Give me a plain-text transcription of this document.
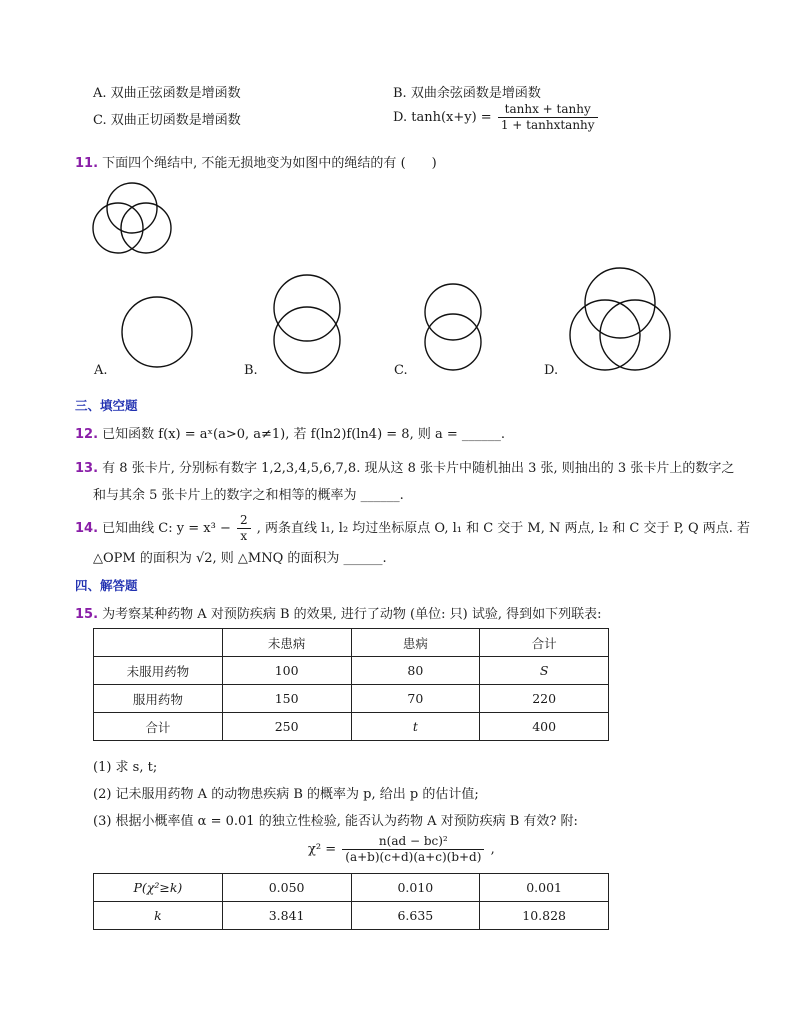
A. 双曲正弦函数是增函数	B. 双曲余弦函数是增函数
C. 双曲正切函数是增函数	D. $\tanh(x+y) = \frac{\tanh x + \tanh y}{\text{1 + tanhxtanhy}}$
11. 下面四个绳结中, 不能无损地变为如图中的绳结的有 (　　)
A.	B.	C.	D.
三、填空题
12. 已知函数 f(x) = aˣ(a>0, a≠1), 若 f(ln2)f(ln4) = 8, 则 a = ______.
13. 有 8 张卡片, 分别标有数字 1,2,3,4,5,6,7,8. 现从这 8 张卡片中随机抽出 3 张, 则抽出的 3 张卡片上的数字之
和与其余 5 张卡片上的数字之和相等的概率为 ______.
14. 已知曲线 C: $y = x^3 - \frac{2}{x}$ , 两条直线 l₁, l₂ 均过坐标原点 O, l₁ 和 C 交于 M, N 两点, l₂ 和 C 交于 P, Q 两点. 若
△OPM 的面积为 √2, 则 △MNQ 的面积为 ______.
四、解答题
15. 为考察某种药物 A 对预防疾病 B 的效果, 进行了动物 (单位: 只) 试验, 得到如下列联表:
	未患病	患病	合计
未服用药物	100	80	S
服用药物	150	70	220
合计	250	t	400
(1) 求 s, t;
(2) 记未服用药物 A 的动物患疾病 B 的概率为 p, 给出 p 的估计值;
(3) 根据小概率值 α = 0.01 的独立性检验, 能否认为药物 A 对预防疾病 B 有效? 附:
$\chi^2 = \frac{\text{n(ad − bc)²}}{(a+b)(c+d)(a+c)(b+d)}$ ,
P(χ²≥k)	0.050	0.010	0.001
k	3.841	6.635	10.828
